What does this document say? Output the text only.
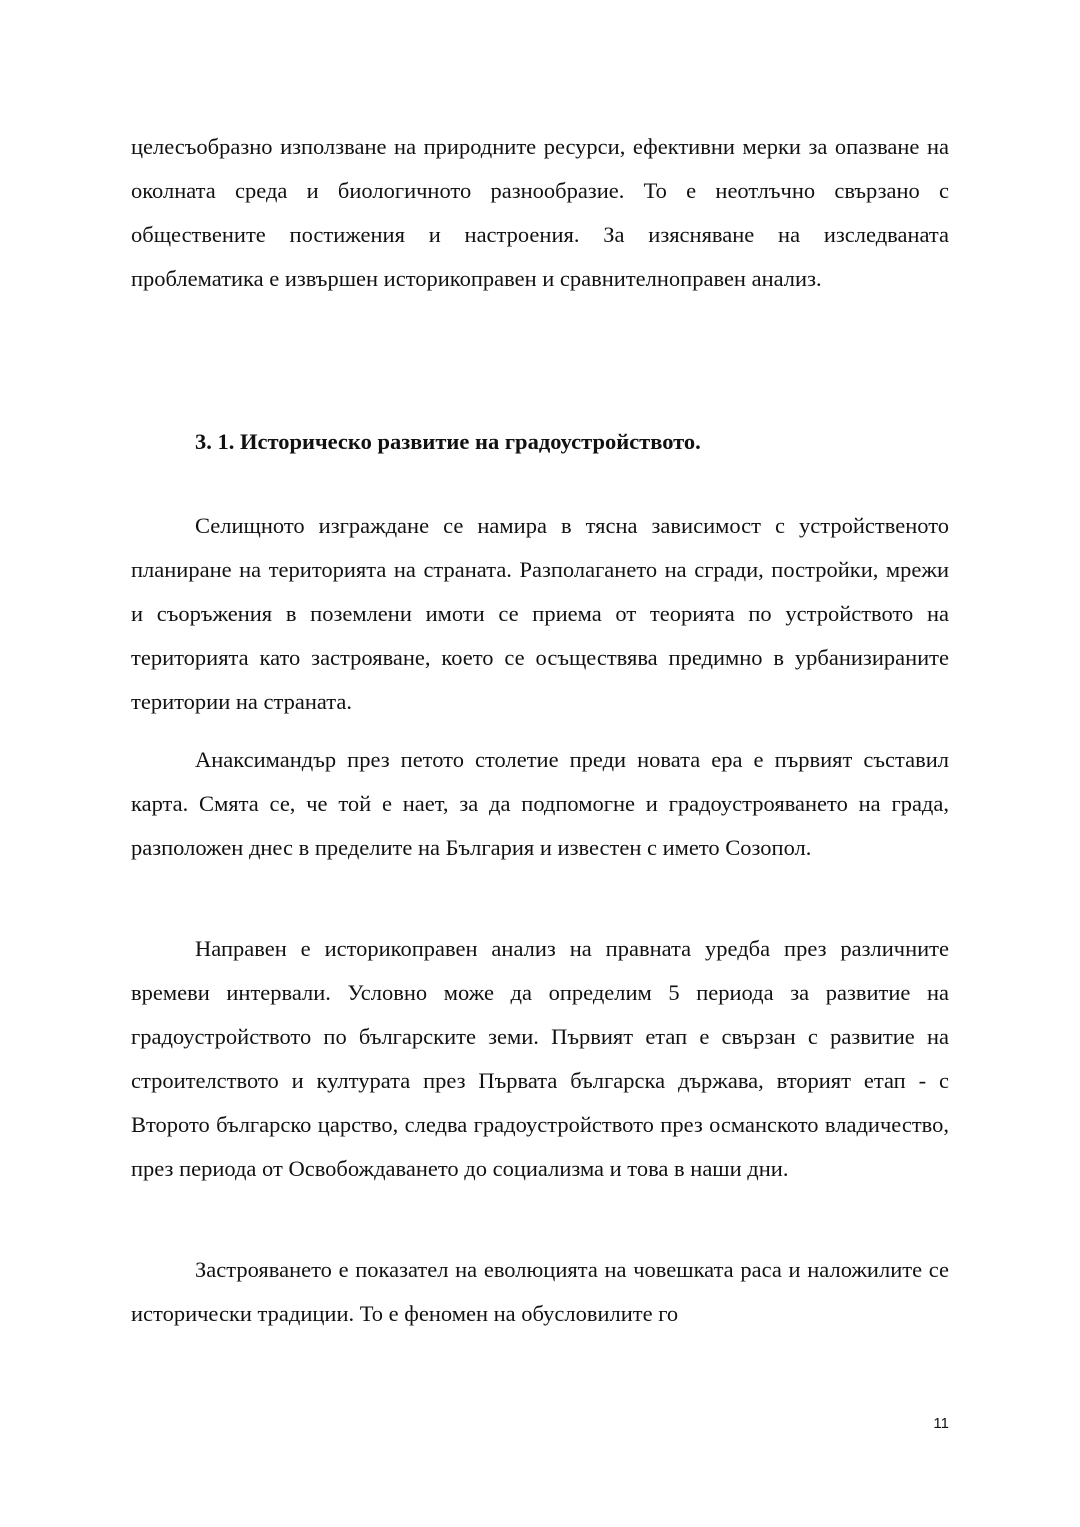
целесъобразно използване на природните ресурси, ефективни мерки за опазване на околната среда и биологичното разнообразие. То е неотлъчно свързано с обществените постижения и настроения. За изясняване на изследваната проблематика е извършен историкоправен и сравнителноправен анализ.

3. 1. Историческо развитие на градоустройството.

Селищното изграждане се намира в тясна зависимост с устройственото планиране на територията на страната. Разполагането на сгради, постройки, мрежи и съоръжения в поземлени имоти се приема от теорията по устройството на територията като застрояване, което се осъществява предимно в урбанизираните територии на страната.

Анаксимандър през петото столетие преди новата ера е първият съставил карта. Смята се, че той е нает, за да подпомогне и градоустрояването на града, разположен днес в пределите на България и известен с името Созопол.

Направен е историкоправен анализ на правната уредба през различните времеви интервали. Условно може да определим 5 периода за развитие на градоустройството по българските земи. Първият етап е свързан с развитие на строителството и културата през Първата българска държава, вторият етап - с Второто българско царство, следва градоустройството през османското владичество, през периода от Освобождаването до социализма и това в наши дни.

Застрояването е показател на еволюцията на човешката раса и наложилите се исторически традиции. То е феномен на обусловилите го

11
